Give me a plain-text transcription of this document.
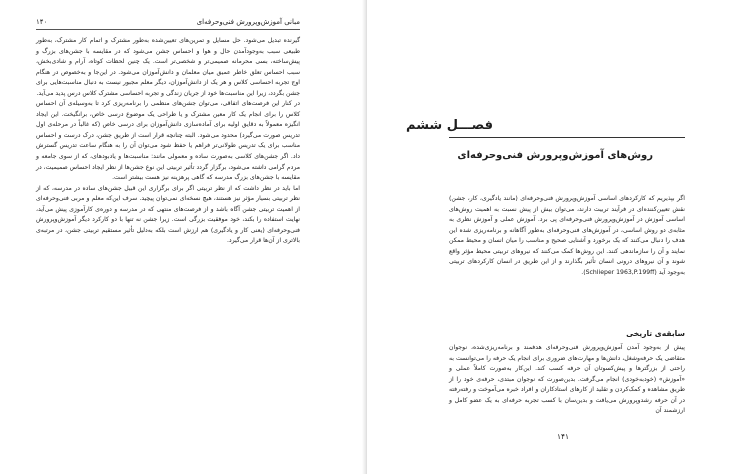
۱۴۰	مبانی آموزش‌وپرورش فنی‌وحرفه‌ای

گیرنده تبدیل می‌شود. حل مسایل و تمرین‌های تعیین‌شده به‌طور مشترک و اتمام کار مشترک، به‌طور طبیعی سبب به‌وجودآمدن حال و هوا و احساس جشن می‌شود که در مقایسه با جشن‌های بزرگ و پیش‌ساخته، بسی محرمانه صمیمی‌تر و شخصی‌تر است. یک چنین لحظات کوتاه، آرام و شادی‌بخش، سبب احساس تعلق خاطر عمیق میان معلمان و دانش‌آموزان می‌شود. در این‌جا و به‌خصوص در هنگام اوج تجربه احساسی کلاس و هر یک از دانش‌آموزان، دیگر معلم مجبور نیست به دنبال مناسبت‌هایی برای جشن بگردد، زیرا این مناسبت‌ها خود از جریان زندگی و تجربه احساسی مشترک کلاس درس پدید می‌آید.

در کنار این فرصت‌های اتفاقی، می‌توان جشن‌های منظمی را برنامه‌ریزی کرد تا به‌وسیله‌ی آن احساس کلاس را برای انجام یک کار معین مشترک و یا طراحی یک موضوع درسی خاص، برانگیخت. این ایجاد انگیزه معمولاً به دقایق اولیه برای آماده‌سازی دانش‌آموزان برای درسی خاص (که غالباً در مرحله‌ی اول تدریس صورت می‌گیرد) محدود می‌شود. البته چنانچه قرار است از طریق جشن، درک درست و احساس مناسب برای یک تدریس طولانی‌تر فراهم یا حفظ شود می‌توان آن را به هنگام ساعت تدریس گسترش داد. اگر جشن‌های کلاسی به‌صورت ساده و معمولی مانند: مناسبت‌ها و یادبودهای، که از سوی جامعه و مردم گرامی داشته می‌شود، برگزار گردد تأثیر تربیتی این نوع جشن‌ها از نظر ایجاد احساس صمیمیت، در مقایسه با جشن‌های بزرگ مدرسه که گاهی پرهزینه نیز هست بیشتر است.

اما باید در نظر داشت که از نظر تربیتی اگر برای برگزاری این قبیل جشن‌های ساده در مدرسه، که از نظر تربیتی بسیار مؤثر نیز هستند، هیچ نسخه‌ای نمی‌توان پیچید. سرف این‌که معلم و مربی فنی‌وحرفه‌ای از اهمیت تربیتی جشن آگاه باشد و از فرصت‌های منتهی که در مدرسه و دوره‌ی کارآموزی پیش می‌آید، نهایت استفاده را بکند، خود موفقیت بزرگی است. زیرا جشن نه تنها با دو کارکرد دیگر آموزش‌وپرورش فنی‌وحرفه‌ای (یعنی کار و یادگیری) هم ارزش است بلکه به‌دلیل تأثیر مستقیم تربیتی جشن، در مرتبه‌ی بالاتری از آن‌ها قرار می‌گیرد.

فصـــل ششم
روش‌های آموزش‌وپرورش فنی‌وحرفه‌ای

اگر بپذیریم که کارکردهای اساسی آموزش‌وپرورش فنی‌وحرفه‌ای (مانند یادگیری، کار، جشن) نقش تعیین‌کننده‌ای در فرآیند تربیت دارند، می‌توان بیش از پیش نسبت به اهمیت روش‌های اساسی آموزش در آموزش‌وپرورش فنی‌وحرفه‌ای پی برد. آموزش عملی و آموزش نظری به مثابه‌ی دو روش اساسی، در آموزش‌های فنی‌وحرفه‌ای به‌طور آگاهانه و برنامه‌ریزی شده این هدف را دنبال می‌کنند که یک برخورد و آشنایی صحیح و مناسب را میان انسان و محیط ممکن نمایند و آن را سازماندهی کنند. این روش‌ها کمک می‌کنند که نیروهای تربیتی محیط مؤثر واقع شوند و آن نیروهای درونی انسان تأثیر بگذارند و از این طریق در انسان کارکردهای تربیتی به‌وجود آید (Schlieper 1963,P.199ff).

سابقه‌ی تاریخی

پیش از به‌وجود آمدن آموزش‌وپرورش فنی‌وحرفه‌ای هدفمند و برنامه‌ریزی‌شده، نوجوان متقاضی یک حرفه‌وشغل، دانش‌ها و مهارت‌های ضروری برای انجام یک حرفه را می‌توانست به راحتی از بزرگترها و پیش‌کسوتان آن حرفه کسب کند. این‌کار به‌صورت کاملاً عملی و «آموزش» (خودبه‌خودی) انجام می‌گرفت. بدین‌صورت که نوجوان مبتدی، حرفه‌ی خود را از طریق مشاهده و کمک‌کردن و تقلید از کارهای استادکاران و افراد خبره می‌آموخت و رفته‌رفته در آن حرفه رشدوپرورش می‌یافت و بدین‌سان با کسب تجربه حرفه‌ای به یک عضو کامل و ارزشمند آن

۱۴۱
